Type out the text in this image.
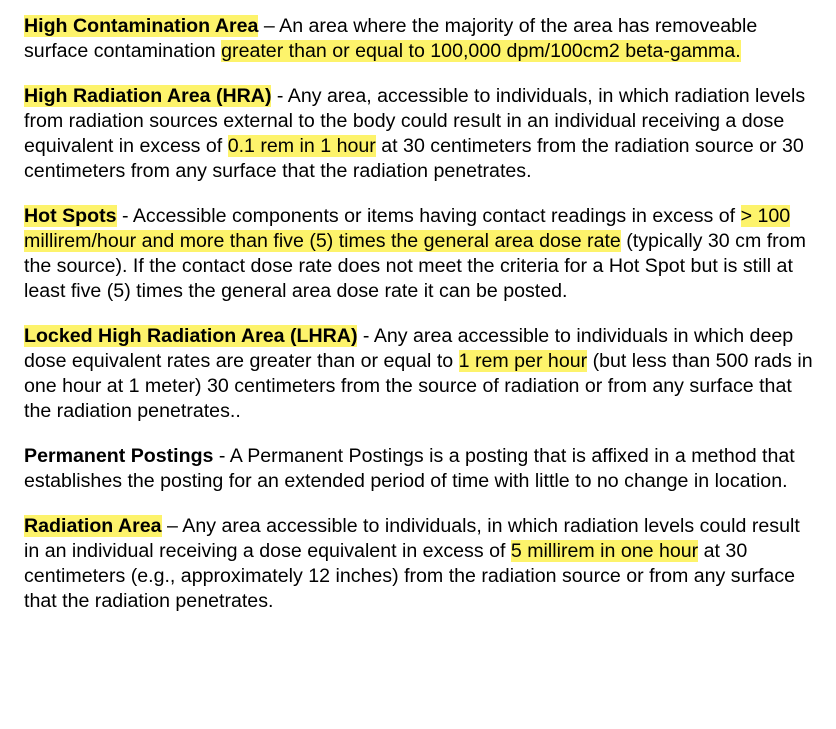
High Contamination Area – An area where the majority of the area has removeable surface contamination greater than or equal to 100,000 dpm/100cm2 beta-gamma.

High Radiation Area (HRA) - Any area, accessible to individuals, in which radiation levels from radiation sources external to the body could result in an individual receiving a dose equivalent in excess of 0.1 rem in 1 hour at 30 centimeters from the radiation source or 30 centimeters from any surface that the radiation penetrates.

Hot Spots - Accessible components or items having contact readings in excess of > 100 millirem/hour and more than five (5) times the general area dose rate (typically 30 cm from the source). If the contact dose rate does not meet the criteria for a Hot Spot but is still at least five (5) times the general area dose rate it can be posted.

Locked High Radiation Area (LHRA) - Any area accessible to individuals in which deep dose equivalent rates are greater than or equal to 1 rem per hour (but less than 500 rads in one hour at 1 meter) 30 centimeters from the source of radiation or from any surface that the radiation penetrates..

Permanent Postings - A Permanent Postings is a posting that is affixed in a method that establishes the posting for an extended period of time with little to no change in location.

Radiation Area – Any area accessible to individuals, in which radiation levels could result in an individual receiving a dose equivalent in excess of 5 millirem in one hour at 30 centimeters (e.g., approximately 12 inches) from the radiation source or from any surface that the radiation penetrates.
